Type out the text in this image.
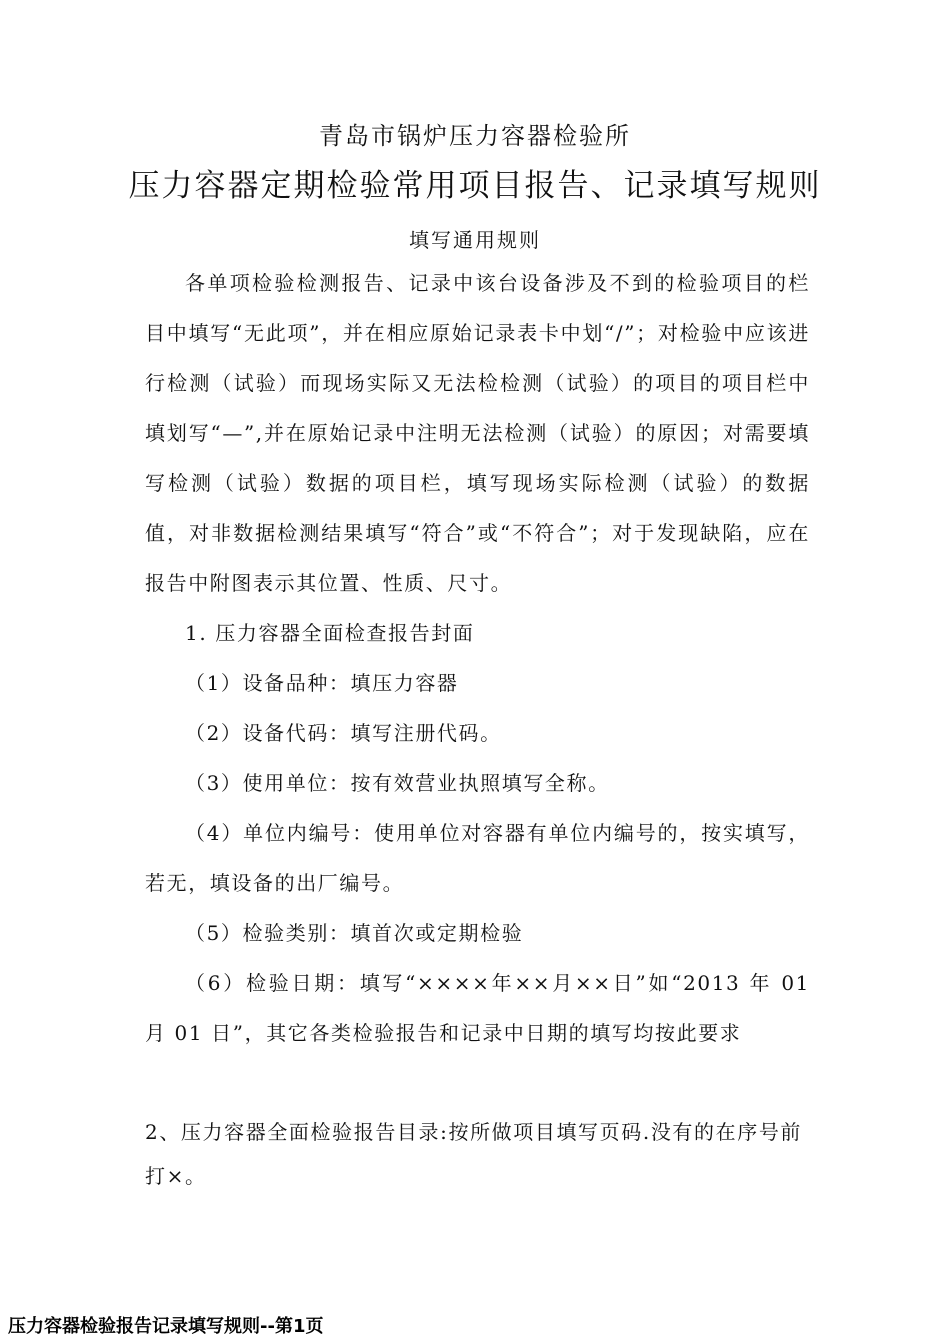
青岛市锅炉压力容器检验所
压力容器定期检验常用项目报告、记录填写规则
填写通用规则

各单项检验检测报告、记录中该台设备涉及不到的检验项目的栏目中填写“无此项”，并在相应原始记录表卡中划“/”；对检验中应该进行检测（试验）而现场实际又无法检检测（试验）的项目的项目栏中填划写“—”,并在原始记录中注明无法检测（试验）的原因；对需要填写检测（试验）数据的项目栏，填写现场实际检测（试验）的数据值，对非数据检测结果填写“符合”或“不符合”；对于发现缺陷，应在报告中附图表示其位置、性质、尺寸。

1. 压力容器全面检查报告封面

（1）设备品种：填压力容器

（2）设备代码：填写注册代码。

（3）使用单位：按有效营业执照填写全称。

（4）单位内编号：使用单位对容器有单位内编号的，按实填写，若无，填设备的出厂编号。

（5）检验类别：填首次或定期检验

（6）检验日期：填写“××××年××月××日”如“2013 年 01 月 01 日”，其它各类检验报告和记录中日期的填写均按此要求

2、压力容器全面检验报告目录:按所做项目填写页码.没有的在序号前打×。

压力容器检验报告记录填写规则--第1页
